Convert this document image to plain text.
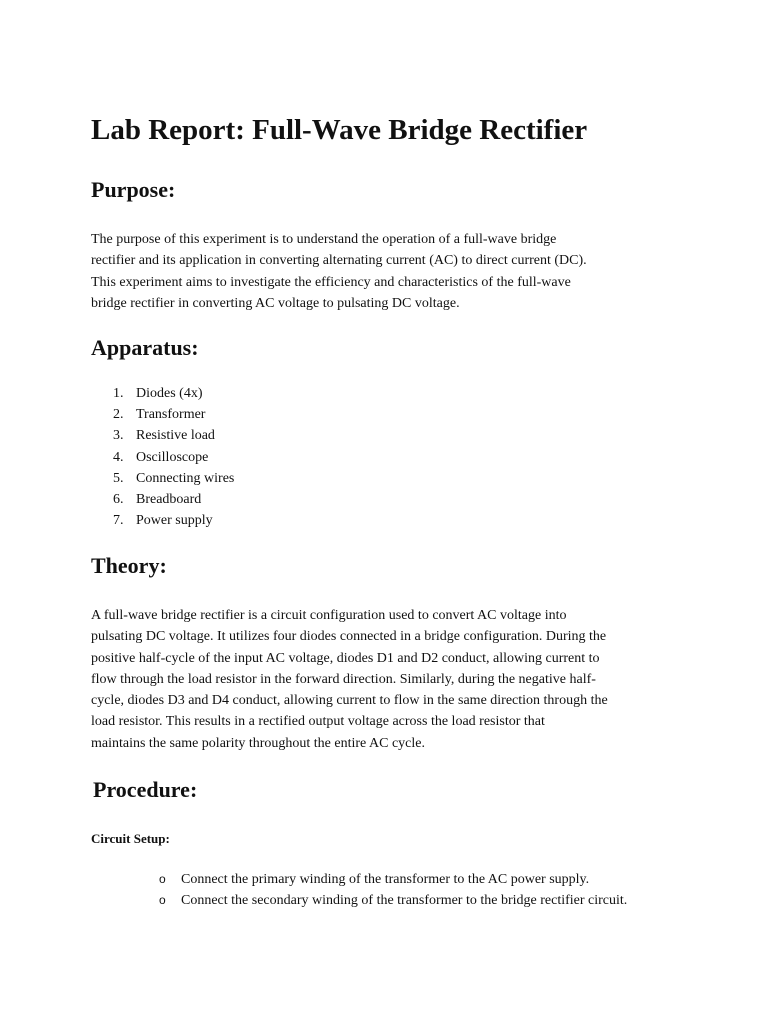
Lab Report: Full-Wave Bridge Rectifier
Purpose:
The purpose of this experiment is to understand the operation of a full-wave bridge
rectifier and its application in converting alternating current (AC) to direct current (DC).
This experiment aims to investigate the efficiency and characteristics of the full-wave
bridge rectifier in converting AC voltage to pulsating DC voltage.
Apparatus:
1. Diodes (4x)
2. Transformer
3. Resistive load
4. Oscilloscope
5. Connecting wires
6. Breadboard
7. Power supply
Theory:
A full-wave bridge rectifier is a circuit configuration used to convert AC voltage into
pulsating DC voltage. It utilizes four diodes connected in a bridge configuration. During the
positive half-cycle of the input AC voltage, diodes D1 and D2 conduct, allowing current to
flow through the load resistor in the forward direction. Similarly, during the negative half-
cycle, diodes D3 and D4 conduct, allowing current to flow in the same direction through the
load resistor. This results in a rectified output voltage across the load resistor that
maintains the same polarity throughout the entire AC cycle.
Procedure:
Circuit Setup:
o Connect the primary winding of the transformer to the AC power supply.
o Connect the secondary winding of the transformer to the bridge rectifier circuit.
